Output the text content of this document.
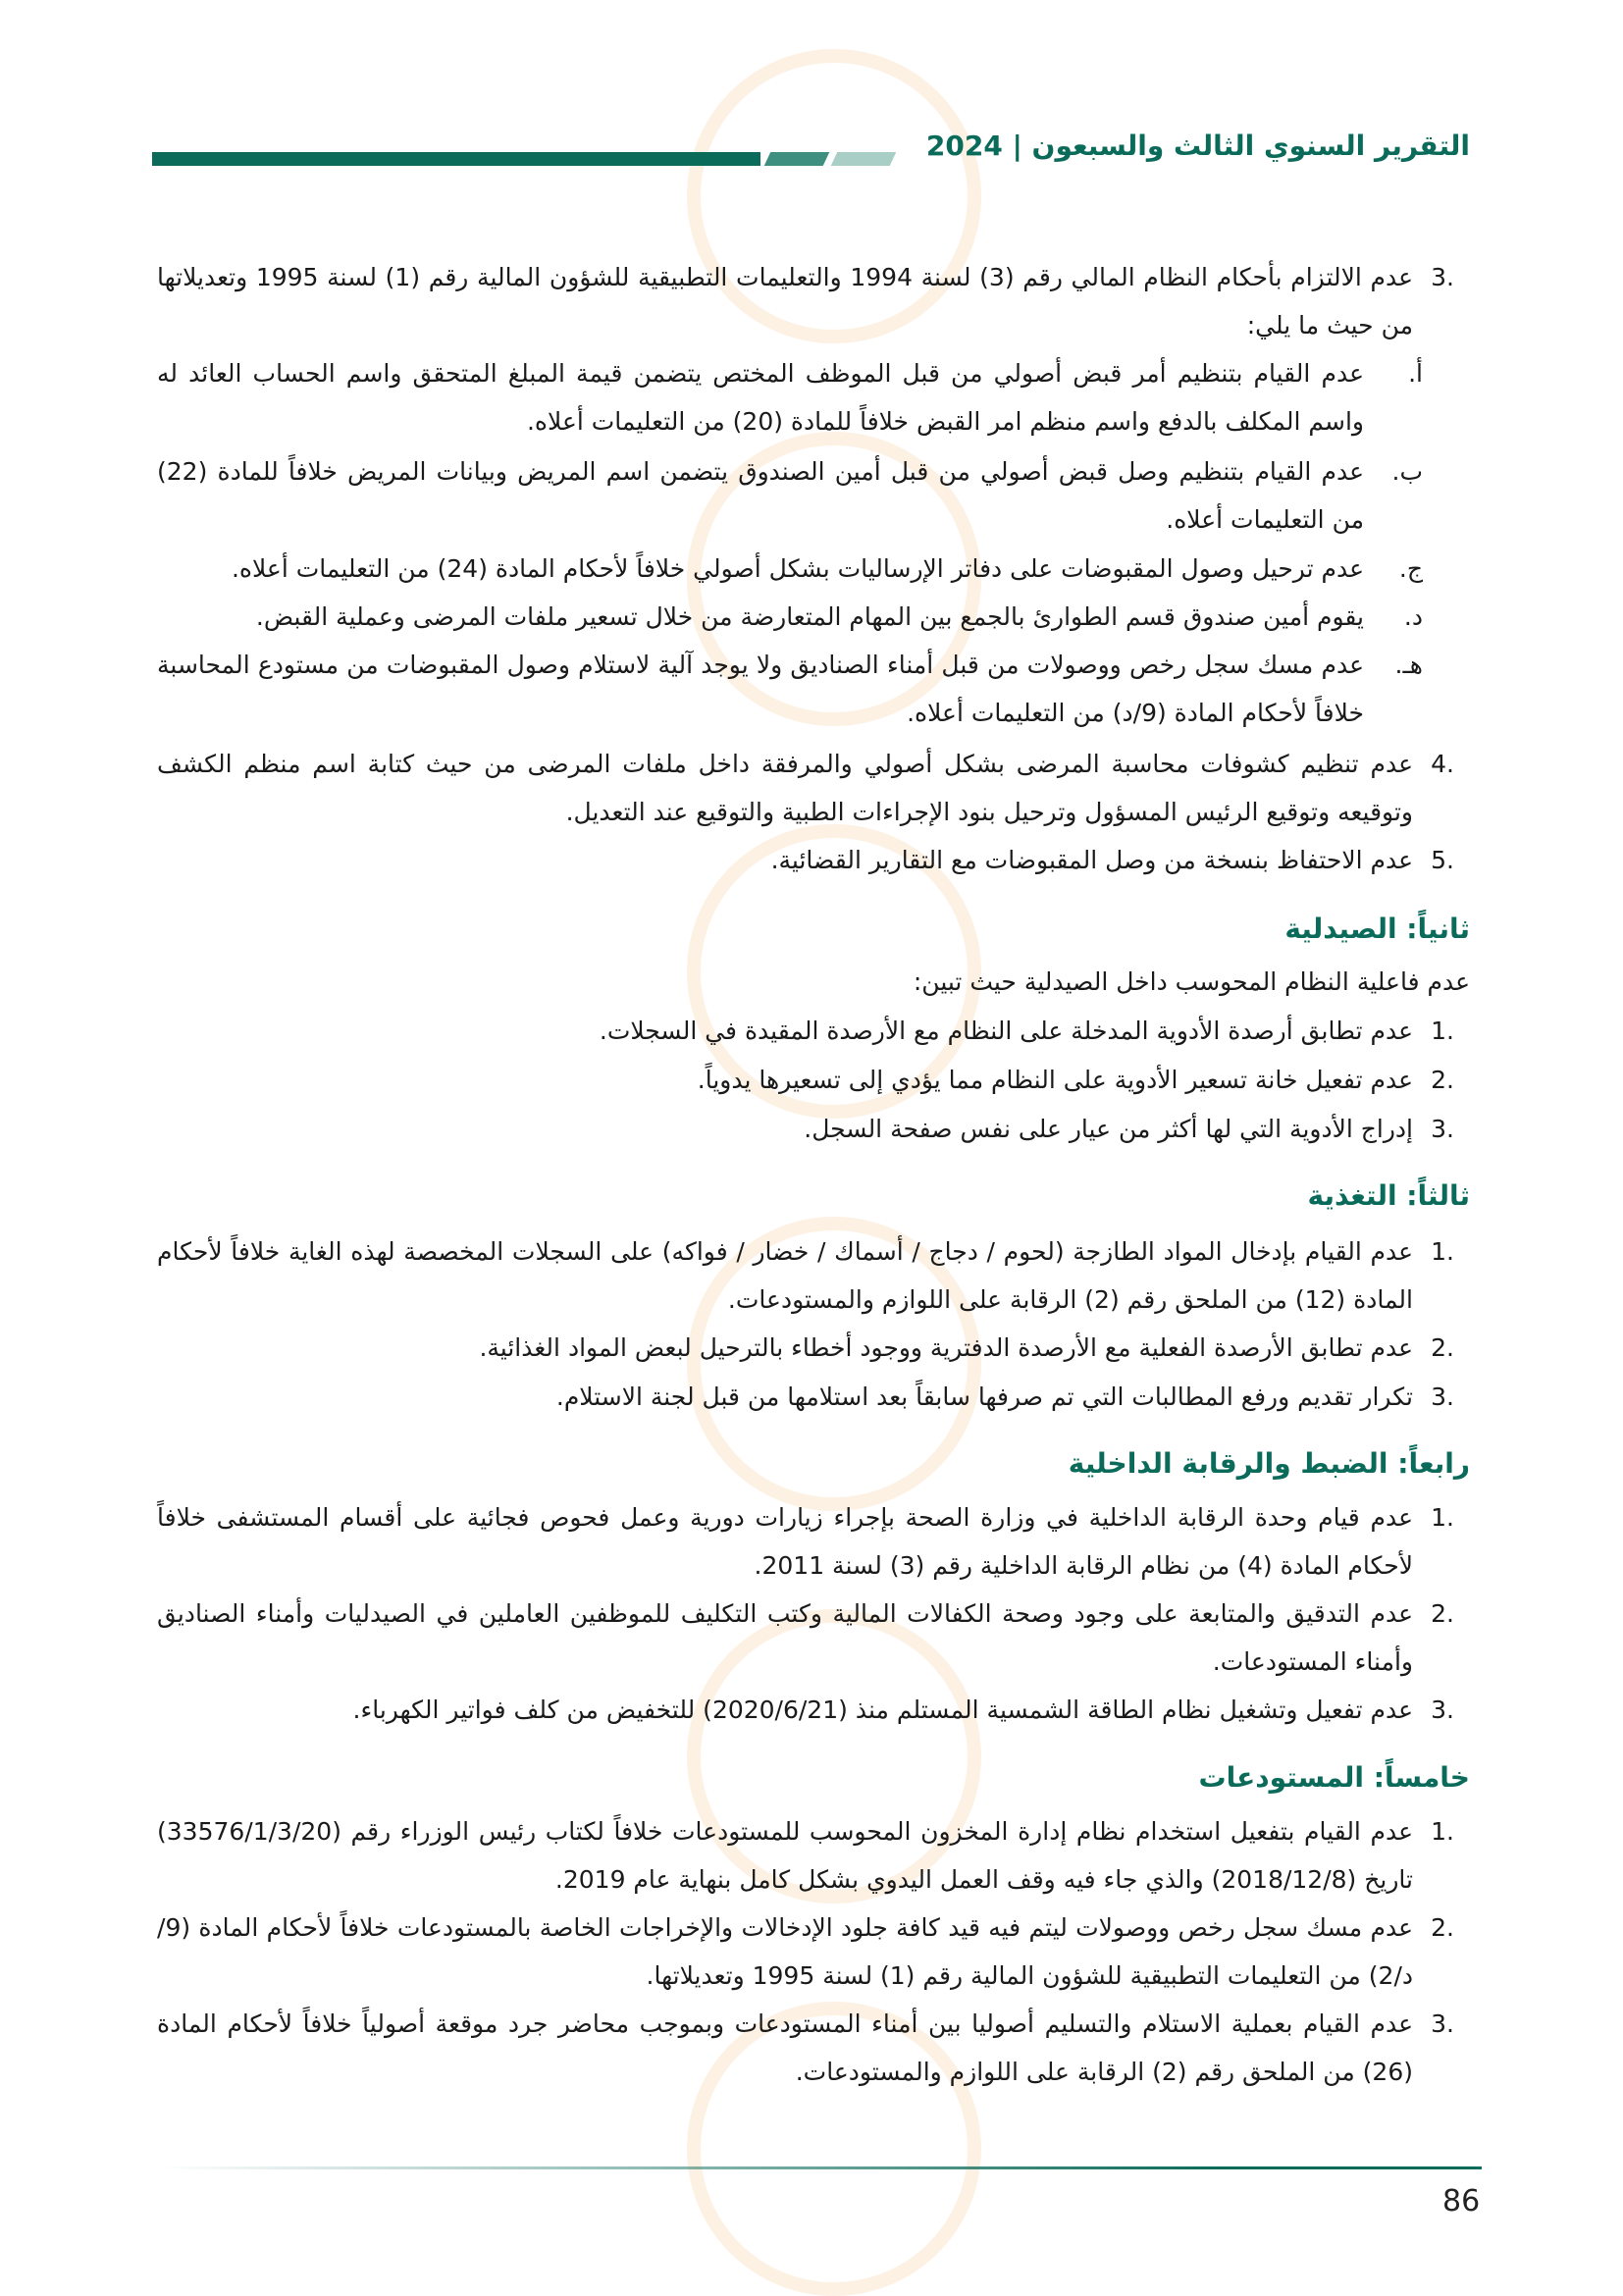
التقرير السنوي الثالث والسبعون | 2024
.3
عدم الالتزام بأحكام النظام المالي رقم (3) لسنة 1994 والتعليمات التطبيقية للشؤون المالية رقم (1) لسنة 1995 وتعديلاتها من حيث ما يلي:
أ.
عدم القيام بتنظيم أمر قبض أصولي من قبل الموظف المختص يتضمن قيمة المبلغ المتحقق واسم الحساب العائد له واسم المكلف بالدفع واسم منظم امر القبض خلافاً للمادة (20) من التعليمات أعلاه.
ب.
عدم القيام بتنظيم وصل قبض أصولي من قبل أمين الصندوق يتضمن اسم المريض وبيانات المريض خلافاً للمادة (22) من التعليمات أعلاه.
ج.
عدم ترحيل وصول المقبوضات على دفاتر الإرساليات بشكل أصولي خلافاً لأحكام المادة (24) من التعليمات أعلاه.
د.
يقوم أمين صندوق قسم الطوارئ بالجمع بين المهام المتعارضة من خلال تسعير ملفات المرضى وعملية القبض.
هـ.
عدم مسك سجل رخص ووصولات من قبل أمناء الصناديق ولا يوجد آلية لاستلام وصول المقبوضات من مستودع المحاسبة خلافاً لأحكام المادة (9/د) من التعليمات أعلاه.
.4
عدم تنظيم كشوفات محاسبة المرضى بشكل أصولي والمرفقة داخل ملفات المرضى من حيث كتابة اسم منظم الكشف وتوقيعه وتوقيع الرئيس المسؤول وترحيل بنود الإجراءات الطبية والتوقيع عند التعديل.
.5
عدم الاحتفاظ بنسخة من وصل المقبوضات مع التقارير القضائية.
ثانياً: الصيدلية
عدم فاعلية النظام المحوسب داخل الصيدلية حيث تبين:
.1
عدم تطابق أرصدة الأدوية المدخلة على النظام مع الأرصدة المقيدة في السجلات.
.2
عدم تفعيل خانة تسعير الأدوية على النظام مما يؤدي إلى تسعيرها يدوياً.
.3
إدراج الأدوية التي لها أكثر من عيار على نفس صفحة السجل.
ثالثاً: التغذية
.1
عدم القيام بإدخال المواد الطازجة (لحوم / دجاج / أسماك / خضار / فواكه) على السجلات المخصصة لهذه الغاية خلافاً لأحكام المادة (12) من الملحق رقم (2) الرقابة على اللوازم والمستودعات.
.2
عدم تطابق الأرصدة الفعلية مع الأرصدة الدفترية ووجود أخطاء بالترحيل لبعض المواد الغذائية.
.3
تكرار تقديم ورفع المطالبات التي تم صرفها سابقاً بعد استلامها من قبل لجنة الاستلام.
رابعاً: الضبط والرقابة الداخلية
.1
عدم قيام وحدة الرقابة الداخلية في وزارة الصحة بإجراء زيارات دورية وعمل فحوص فجائية على أقسام المستشفى خلافاً لأحكام المادة (4) من نظام الرقابة الداخلية رقم (3) لسنة 2011.
.2
عدم التدقيق والمتابعة على وجود وصحة الكفالات المالية وكتب التكليف للموظفين العاملين في الصيدليات وأمناء الصناديق وأمناء المستودعات.
.3
عدم تفعيل وتشغيل نظام الطاقة الشمسية المستلم منذ (2020/6/21) للتخفيض من كلف فواتير الكهرباء.
خامساً: المستودعات
.1
عدم القيام بتفعيل استخدام نظام إدارة المخزون المحوسب للمستودعات خلافاً لكتاب رئيس الوزراء رقم (33576/1/3/20) تاريخ (2018/12/8) والذي جاء فيه وقف العمل اليدوي بشكل كامل بنهاية عام 2019.
.2
عدم مسك سجل رخص ووصولات ليتم فيه قيد كافة جلود الإدخالات والإخراجات الخاصة بالمستودعات خلافاً لأحكام المادة (9/د/2) من التعليمات التطبيقية للشؤون المالية رقم (1) لسنة 1995 وتعديلاتها.
.3
عدم القيام بعملية الاستلام والتسليم أصوليا بين أمناء المستودعات وبموجب محاضر جرد موقعة أصولياً خلافاً لأحكام المادة (26) من الملحق رقم (2) الرقابة على اللوازم والمستودعات.
86
